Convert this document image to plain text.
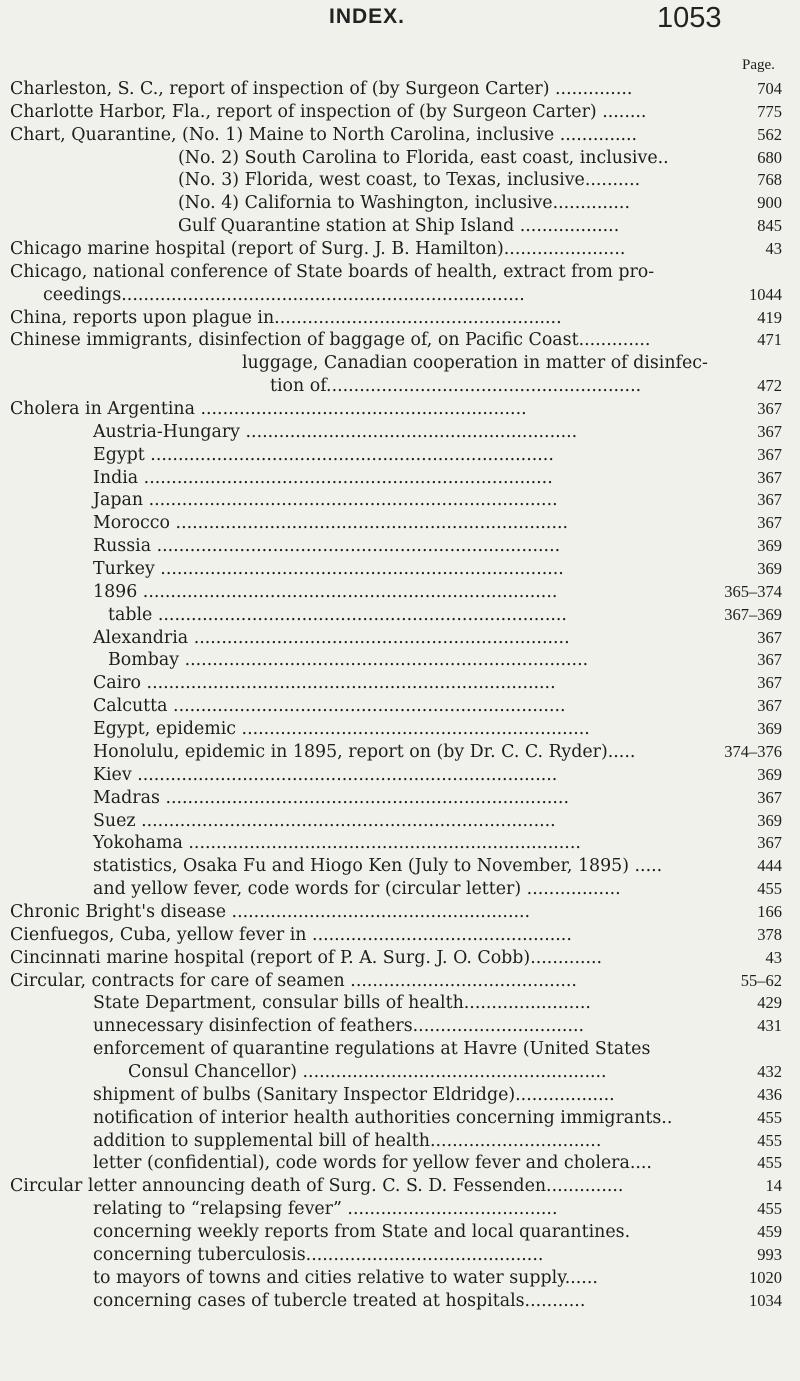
INDEX.	1053
Page.
Charleston, S. C., report of inspection of (by Surgeon Carter) ..............	704
Charlotte Harbor, Fla., report of inspection of (by Surgeon Carter) ........	775
Chart, Quarantine, (No. 1) Maine to North Carolina, inclusive ..............	562
(No. 2) South Carolina to Florida, east coast, inclusive..	680
(No. 3) Florida, west coast, to Texas, inclusive..........	768
(No. 4) California to Washington, inclusive..............	900
Gulf Quarantine station at Ship Island ..................	845
Chicago marine hospital (report of Surg. J. B. Hamilton)......................	43
Chicago, national conference of State boards of health, extract from pro-
ceedings.........................................................................	1044
China, reports upon plague in....................................................	419
Chinese immigrants, disinfection of baggage of, on Pacific Coast.............	471
luggage, Canadian cooperation in matter of disinfec-
tion of.........................................................	472
Cholera in Argentina ...........................................................	367
Austria-Hungary ............................................................	367
Egypt .........................................................................	367
India ..........................................................................	367
Japan ..........................................................................	367
Morocco .......................................................................	367
Russia .........................................................................	369
Turkey .........................................................................	369
1896 ...........................................................................	365–374
table ..........................................................................	367–369
Alexandria ....................................................................	367
Bombay .........................................................................	367
Cairo ..........................................................................	367
Calcutta .......................................................................	367
Egypt, epidemic ...............................................................	369
Honolulu, epidemic in 1895, report on (by Dr. C. C. Ryder).....	374–376
Kiev ............................................................................	369
Madras .........................................................................	367
Suez ...........................................................................	369
Yokohama .......................................................................	367
statistics, Osaka Fu and Hiogo Ken (July to November, 1895) .....	444
and yellow fever, code words for (circular letter) .................	455
Chronic Bright's disease ......................................................	166
Cienfuegos, Cuba, yellow fever in ...............................................	378
Cincinnati marine hospital (report of P. A. Surg. J. O. Cobb).............	43
Circular, contracts for care of seamen .........................................	55–62
State Department, consular bills of health.......................	429
unnecessary disinfection of feathers...............................	431
enforcement of quarantine regulations at Havre (United States
Consul Chancellor) .......................................................	432
shipment of bulbs (Sanitary Inspector Eldridge)..................	436
notification of interior health authorities concerning immigrants..	455
addition to supplemental bill of health...............................	455
letter (confidential), code words for yellow fever and cholera....	455
Circular letter announcing death of Surg. C. S. D. Fessenden..............	14
relating to “relapsing fever” ......................................	455
concerning weekly reports from State and local quarantines.	459
concerning tuberculosis...........................................	993
to mayors of towns and cities relative to water supply......	1020
concerning cases of tubercle treated at hospitals...........	1034
